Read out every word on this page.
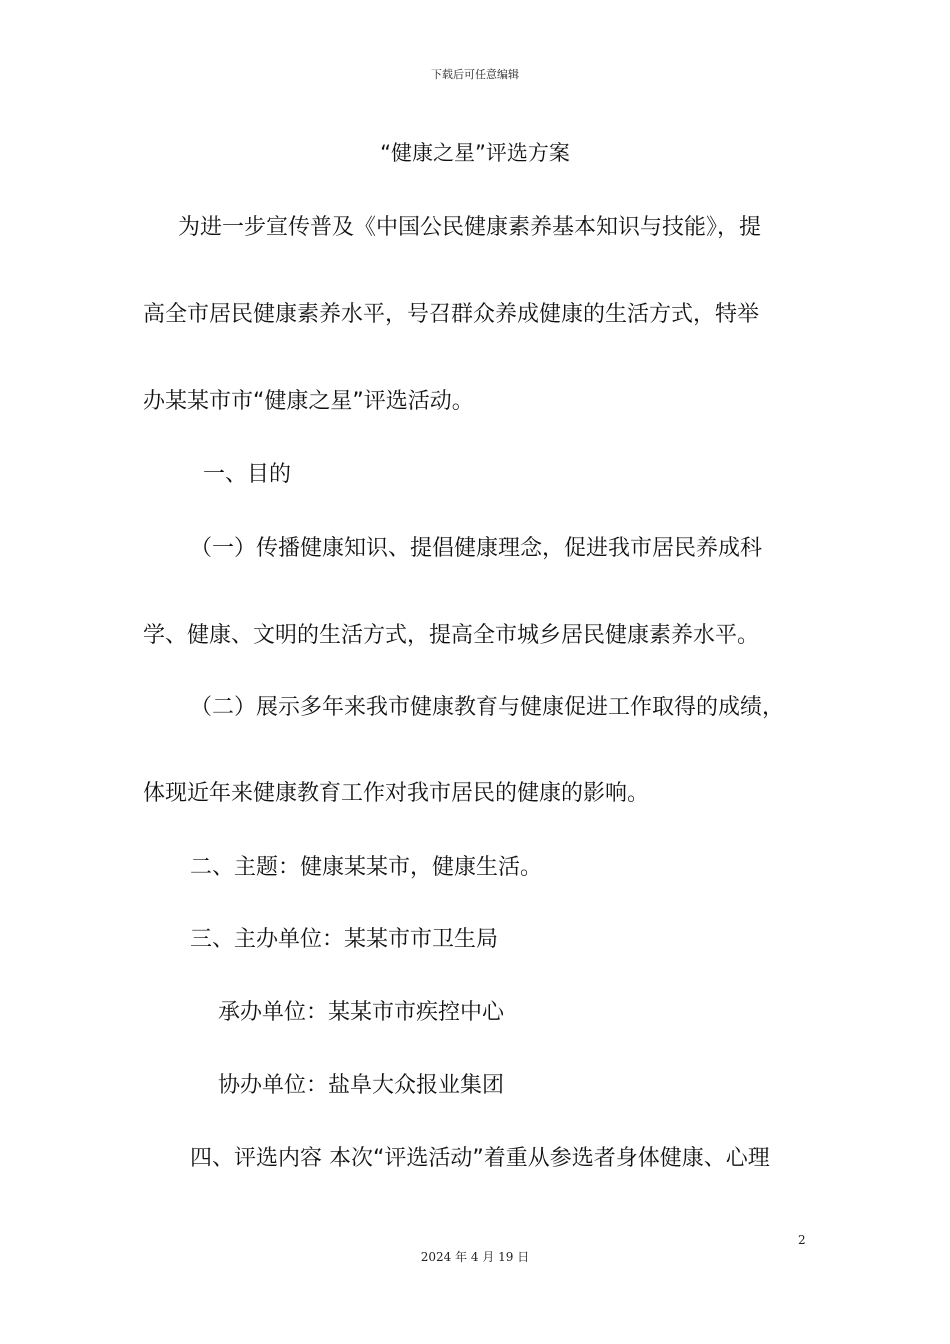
下载后可任意编辑
“健康之星”评选方案
为进一步宣传普及《中国公民健康素养基本知识与技能》，提
高全市居民健康素养水平，号召群众养成健康的生活方式，特举
办某某市市“健康之星”评选活动。
一、目的
（一）传播健康知识、提倡健康理念，促进我市居民养成科
学、健康、文明的生活方式，提高全市城乡居民健康素养水平。
（二）展示多年来我市健康教育与健康促进工作取得的成绩，
体现近年来健康教育工作对我市居民的健康的影响。
二、主题：健康某某市，健康生活。
三、主办单位：某某市市卫生局
承办单位：某某市市疾控中心
协办单位：盐阜大众报业集团
四、评选内容 本次“评选活动”着重从参选者身体健康、心理
2
2024 年 4 月 19 日
